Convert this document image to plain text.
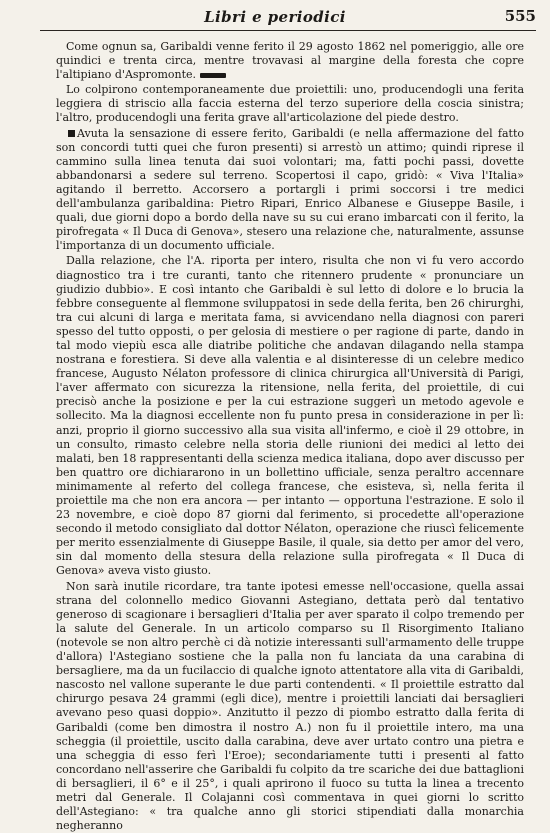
Libri e periodici	555

Come ognun sa, Garibaldi venne ferito il 29 agosto 1862 nel pomeriggio, alle ore quindici e trenta circa, mentre trovavasi al margine della foresta che copre l'altipiano d'Aspromonte.

Lo colpirono contemporaneamente due proiettili: uno, producendogli una ferita leggiera di striscio alla faccia esterna del terzo superiore della coscia sinistra; l'altro, producendogli una ferita grave all'articolazione del piede destro.

Avuta la sensazione di essere ferito, Garibaldi (e nella affermazione del fatto son concordi tutti quei che furon presenti) si arrestò un attimo; quindi riprese il cammino sulla linea tenuta dai suoi volontari; ma, fatti pochi passi, dovette abbandonarsi a sedere sul terreno. Scopertosi il capo, gridò: « Viva l'Italia» agitando il berretto. Accorsero a portargli i primi soccorsi i tre medici dell'ambulanza garibaldina: Pietro Ripari, Enrico Albanese e Giuseppe Basile, i quali, due giorni dopo a bordo della nave su su cui erano imbarcati con il ferito, la pirofregata « Il Duca di Genova», stesero una relazione che, naturalmente, assunse l'importanza di un documento ufficiale.

Dalla relazione, che l'A. riporta per intero, risulta che non vi fu vero accordo diagnostico tra i tre curanti, tanto che ritennero prudente « pronunciare un giudizio dubbio». E così intanto che Garibaldi è sul letto di dolore e lo brucia la febbre conseguente al flemmone sviluppatosi in sede della ferita, ben 26 chirurghi, tra cui alcuni di larga e meritata fama, si avvicendano nella diagnosi con pareri spesso del tutto opposti, o per gelosia di mestiere o per ragione di parte, dando in tal modo viepiù esca alle diatribe politiche che andavan dilagando nella stampa nostrana e forestiera. Si deve alla valentia e al disinteresse di un celebre medico francese, Augusto Nélaton professore di clinica chirurgica all'Università di Parigi, l'aver affermato con sicurezza la ritensione, nella ferita, del proiettile, di cui precisò anche la posizione e per la cui estrazione suggerì un metodo agevole e sollecito. Ma la diagnosi eccellente non fu punto presa in considerazione in per lì: anzi, proprio il giorno successivo alla sua visita all'infermo, e cioè il 29 ottobre, in un consulto, rimasto celebre nella storia delle riunioni dei medici al letto dei malati, ben 18 rappresentanti della scienza medica italiana, dopo aver discusso per ben quattro ore dichiararono in un bollettino ufficiale, senza peraltro accennare minimamente al referto del collega francese, che esisteva, sì, nella ferita il proiettile ma che non era ancora — per intanto — opportuna l'estrazione. E solo il 23 novembre, e cioè dopo 87 giorni dal ferimento, si procedette all'operazione secondo il metodo consigliato dal dottor Nélaton, operazione che riuscì felicemente per merito essenzialmente di Giuseppe Basile, il quale, sia detto per amor del vero, sin dal momento della stesura della relazione sulla pirofregata « Il Duca di Genova» aveva visto giusto.

Non sarà inutile ricordare, tra tante ipotesi emesse nell'occasione, quella assai strana del colonnello medico Giovanni Astegiano, dettata però dal tentativo generoso di scagionare i bersaglieri d'Italia per aver sparato il colpo tremendo per la salute del Generale. In un articolo comparso su Il Risorgimento Italiano (notevole se non altro perchè ci dà notizie interessanti sull'armamento delle truppe d'allora) l'Astegiano sostiene che la palla non fu lanciata da una carabina di bersagliere, ma da un fucilaccio di qualche ignoto attentatore alla vita di Garibaldi, nascosto nel vallone superante le due parti contendenti. « Il proiettile estratto dal chirurgo pesava 24 grammi (egli dice), mentre i proiettili lanciati dai bersaglieri avevano peso quasi doppio». Anzitutto il pezzo di piombo estratto dalla ferita di Garibaldi (come ben dimostra il nostro A.) non fu il proiettile intero, ma una scheggia (il proiettile, uscito dalla carabina, deve aver urtato contro una pietra e una scheggia di esso ferì l'Eroe); secondariamente tutti i presenti al fatto concordano nell'asserire che Garibaldi fu colpito da tre scariche dei due battaglioni di bersaglieri, il 6° e il 25°, i quali aprirono il fuoco su tutta la linea a trecento metri dal Generale. Il Colajanni così commentava in quei giorni lo scritto dell'Astegiano: « tra qualche anno gli storici stipendiati dalla monarchia negheranno
